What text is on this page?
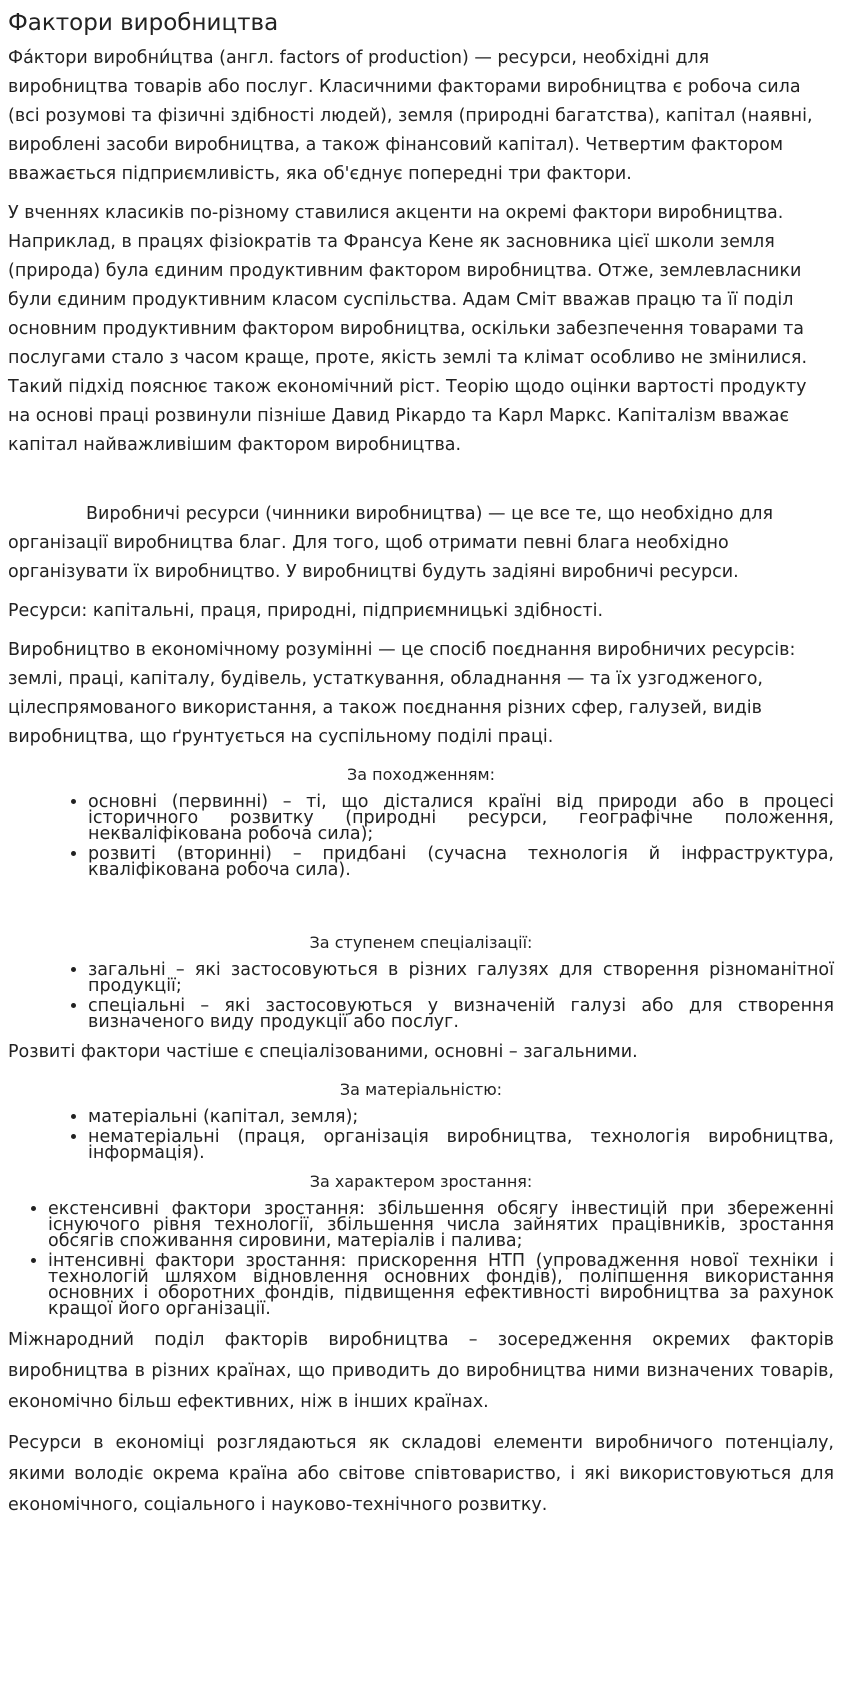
Фактори виробництва

Фа́ктори виробни́цтва (англ. factors of production) — ресурси, необхідні для виробництва товарів або послуг. Класичними факторами виробництва є робоча сила (всі розумові та фізичні здібності людей), земля (природні багатства), капітал (наявні, вироблені засоби виробництва, а також фінансовий капітал). Четвертим фактором вважається підприємливість, яка об'єднує попередні три фактори.

У вченнях класиків по-різному ставилися акценти на окремі фактори виробництва. Наприклад, в працях фізіократів та Франсуа Кене як засновника цієї школи земля (природа) була єдиним продуктивним фактором виробництва. Отже, землевласники були єдиним продуктивним класом суспільства. Адам Сміт вважав працю та її поділ основним продуктивним фактором виробництва, оскільки забезпечення товарами та послугами стало з часом краще, проте, якість землі та клімат особливо не змінилися. Такий підхід пояснює також економічний ріст. Теорію щодо оцінки вартості продукту на основі праці розвинули пізніше Давид Рікардо та Карл Маркс. Капіталізм вважає капітал найважливішим фактором виробництва.

Виробничі ресурси (чинники виробництва) — це все те, що необхідно для організації виробництва благ. Для того, щоб отримати певні блага необхідно організувати їх виробництво. У виробництві будуть задіяні виробничі ресурси.

Ресурси: капітальні, праця, природні, підприємницькі здібності.

Виробництво в економічному розумінні — це спосіб поєднання виробничих ресурсів: землі, праці, капіталу, будівель, устаткування, обладнання — та їх узгодженого, цілеспрямованого використання, а також поєднання різних сфер, галузей, видів виробництва, що ґрунтується на суспільному поділі праці.

За походженням:
• основні (первинні) – ті, що дісталися країні від природи або в процесі історичного розвитку (природні ресурси, географічне положення, некваліфікована робоча сила);
• розвиті (вторинні) – придбані (сучасна технологія й інфраструктура, кваліфікована робоча сила).
За ступенем спеціалізації:
• загальні – які застосовуються в різних галузях для створення різноманітної продукції;
• спеціальні – які застосовуються у визначеній галузі або для створення визначеного виду продукції або послуг.

Розвиті фактори частіше є спеціалізованими, основні – загальними.

За матеріальністю:
• матеріальні (капітал, земля);
• нематеріальні (праця, організація виробництва, технологія виробництва, інформація).
За характером зростання:
• екстенсивні фактори зростання: збільшення обсягу інвестицій при збереженні існуючого рівня технології, збільшення числа зайнятих працівників, зростання обсягів споживання сировини, матеріалів і палива;
• інтенсивні фактори зростання: прискорення НТП (упровадження нової техніки і технологій шляхом відновлення основних фондів), поліпшення використання основних і оборотних фондів, підвищення ефективності виробництва за рахунок кращої його організації.

Міжнародний поділ факторів виробництва – зосередження окремих факторів виробництва в різних країнах, що приводить до виробництва ними визначених товарів, економічно більш ефективних, ніж в інших країнах.

Ресурси в економіці розглядаються як складові елементи виробничого потенціалу, якими володіє окрема країна або світове співтовариство, і які використовуються для економічного, соціального і науково-технічного розвитку.
